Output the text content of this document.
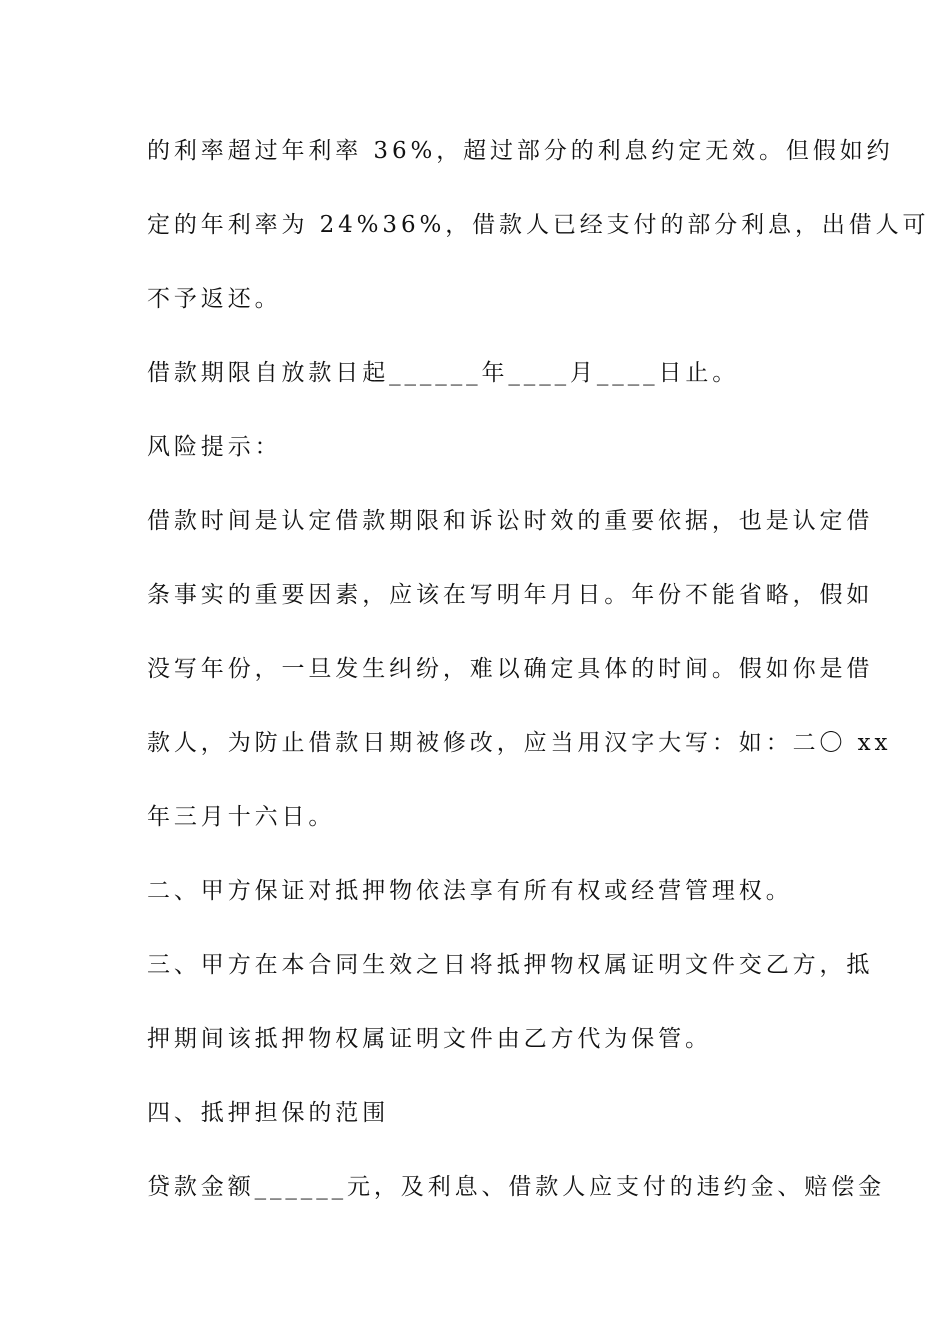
的利率超过年利率 36%，超过部分的利息约定无效。但假如约
定的年利率为 24%36%，借款人已经支付的部分利息，出借人可
不予返还。
借款期限自放款日起______年____月____日止。
风险提示：
借款时间是认定借款期限和诉讼时效的重要依据，也是认定借
条事实的重要因素，应该在写明年月日。年份不能省略，假如
没写年份，一旦发生纠纷，难以确定具体的时间。假如你是借
款人，为防止借款日期被修改，应当用汉字大写：如：二〇 xx
年三月十六日。
二、甲方保证对抵押物依法享有所有权或经营管理权。
三、甲方在本合同生效之日将抵押物权属证明文件交乙方，抵
押期间该抵押物权属证明文件由乙方代为保管。
四、抵押担保的范围
贷款金额______元，及利息、借款人应支付的违约金、赔偿金
